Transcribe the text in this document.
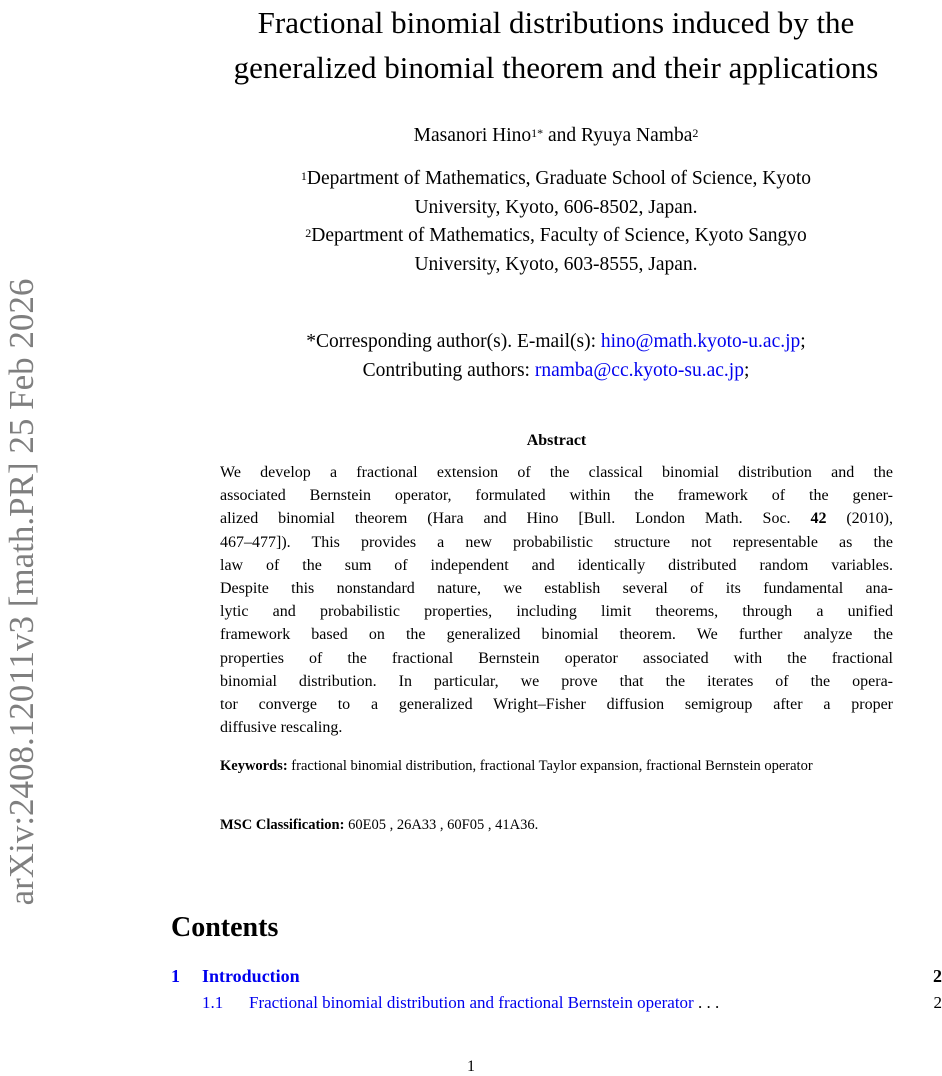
arXiv:2408.12011v3 [math.PR] 25 Feb 2026
Fractional binomial distributions induced by the
generalized binomial theorem and their applications
Masanori Hino$^{1*}$ and Ryuya Namba$^2$
$^1$Department of Mathematics, Graduate School of Science, Kyoto
University, Kyoto, 606-8502, Japan.
$^2$Department of Mathematics, Faculty of Science, Kyoto Sangyo
University, Kyoto, 603-8555, Japan.
*Corresponding author(s). E-mail(s): hino@math.kyoto-u.ac.jp;
Contributing authors: rnamba@cc.kyoto-su.ac.jp;
Abstract
We develop a fractional extension of the classical binomial distribution and the
associated Bernstein operator, formulated within the framework of the gener-
alized binomial theorem (Hara and Hino [Bull. London Math. Soc. 42 (2010),
467–477]). This provides a new probabilistic structure not representable as the
law of the sum of independent and identically distributed random variables.
Despite this nonstandard nature, we establish several of its fundamental ana-
lytic and probabilistic properties, including limit theorems, through a unified
framework based on the generalized binomial theorem. We further analyze the
properties of the fractional Bernstein operator associated with the fractional
binomial distribution. In particular, we prove that the iterates of the opera-
tor converge to a generalized Wright–Fisher diffusion semigroup after a proper
diffusive rescaling.
Keywords: fractional binomial distribution, fractional Taylor expansion, fractional Bernstein operator
MSC Classification: 60E05 , 26A33 , 60F05 , 41A36.
Contents
1 Introduction	2
1.1 Fractional binomial distribution and fractional Bernstein operator . . .	2
1
